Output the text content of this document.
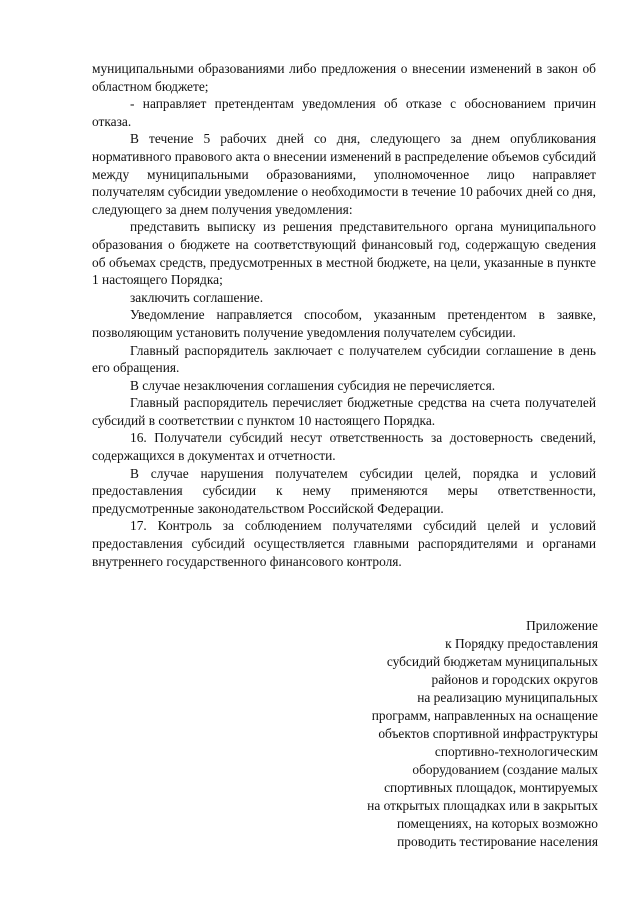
муниципальными образованиями либо предложения о внесении изменений в закон об областном бюджете;

- направляет претендентам уведомления об отказе с обоснованием причин отказа.

В течение 5 рабочих дней со дня, следующего за днем опубликования нормативного правового акта о внесении изменений в распределение объемов субсидий между муниципальными образованиями, уполномоченное лицо направляет получателям субсидии уведомление о необходимости в течение 10 рабочих дней со дня, следующего за днем получения уведомления:

представить выписку из решения представительного органа муниципального образования о бюджете на соответствующий финансовый год, содержащую сведения об объемах средств, предусмотренных в местной бюджете, на цели, указанные в пункте 1 настоящего Порядка;

заключить соглашение.

Уведомление направляется способом, указанным претендентом в заявке, позволяющим установить получение уведомления получателем субсидии.

Главный распорядитель заключает с получателем субсидии соглашение в день его обращения.

В случае незаключения соглашения субсидия не перечисляется.

Главный распорядитель перечисляет бюджетные средства на счета получателей субсидий в соответствии с пунктом 10 настоящего Порядка.

16. Получатели субсидий несут ответственность за достоверность сведений, содержащихся в документах и отчетности.

В случае нарушения получателем субсидии целей, порядка и условий предоставления субсидии к нему применяются меры ответственности, предусмотренные законодательством Российской Федерации.

17. Контроль за соблюдением получателями субсидий целей и условий предоставления субсидий осуществляется главными распорядителями и органами внутреннего государственного финансового контроля.

Приложение
к Порядку предоставления
субсидий бюджетам муниципальных
районов и городских округов
на реализацию муниципальных
программ, направленных на оснащение
объектов спортивной инфраструктуры
спортивно-технологическим
оборудованием (создание малых
спортивных площадок, монтируемых
на открытых площадках или в закрытых
помещениях, на которых возможно
проводить тестирование населения
